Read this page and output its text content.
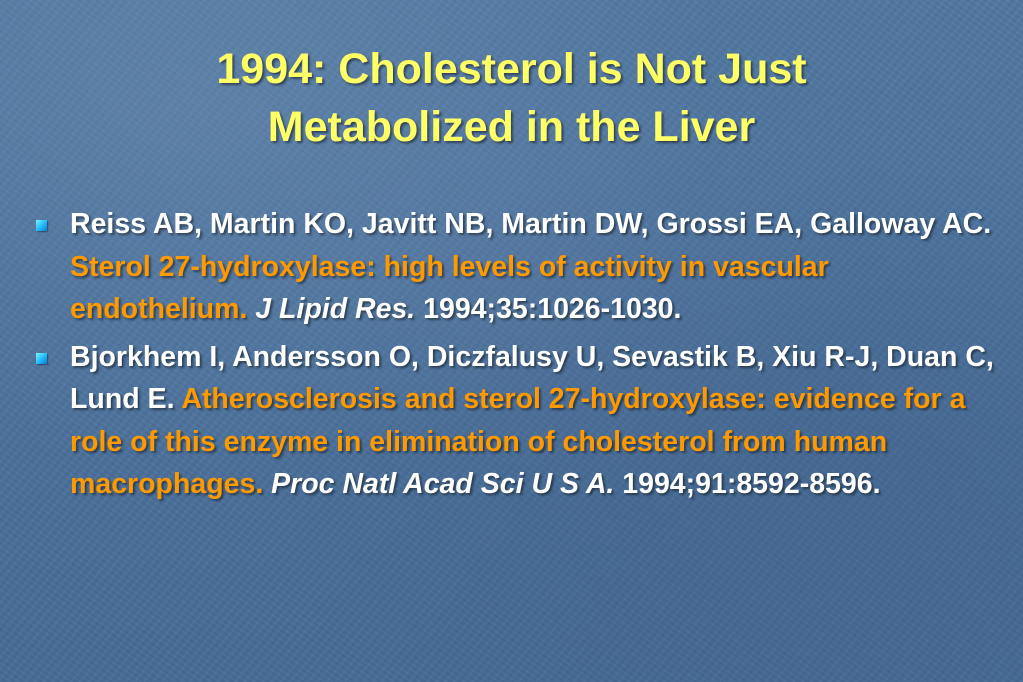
1994: Cholesterol is Not Just
Metabolized in the Liver
Reiss AB, Martin KO, Javitt NB, Martin DW, Grossi EA, Galloway AC. Sterol 27-hydroxylase: high levels of activity in vascular endothelium. J Lipid Res. 1994;35:1026-1030.
Bjorkhem I, Andersson O, Diczfalusy U, Sevastik B, Xiu R-J, Duan C, Lund E. Atherosclerosis and sterol 27-hydroxylase: evidence for a role of this enzyme in elimination of cholesterol from human macrophages. Proc Natl Acad Sci U S A. 1994;91:8592-8596.
